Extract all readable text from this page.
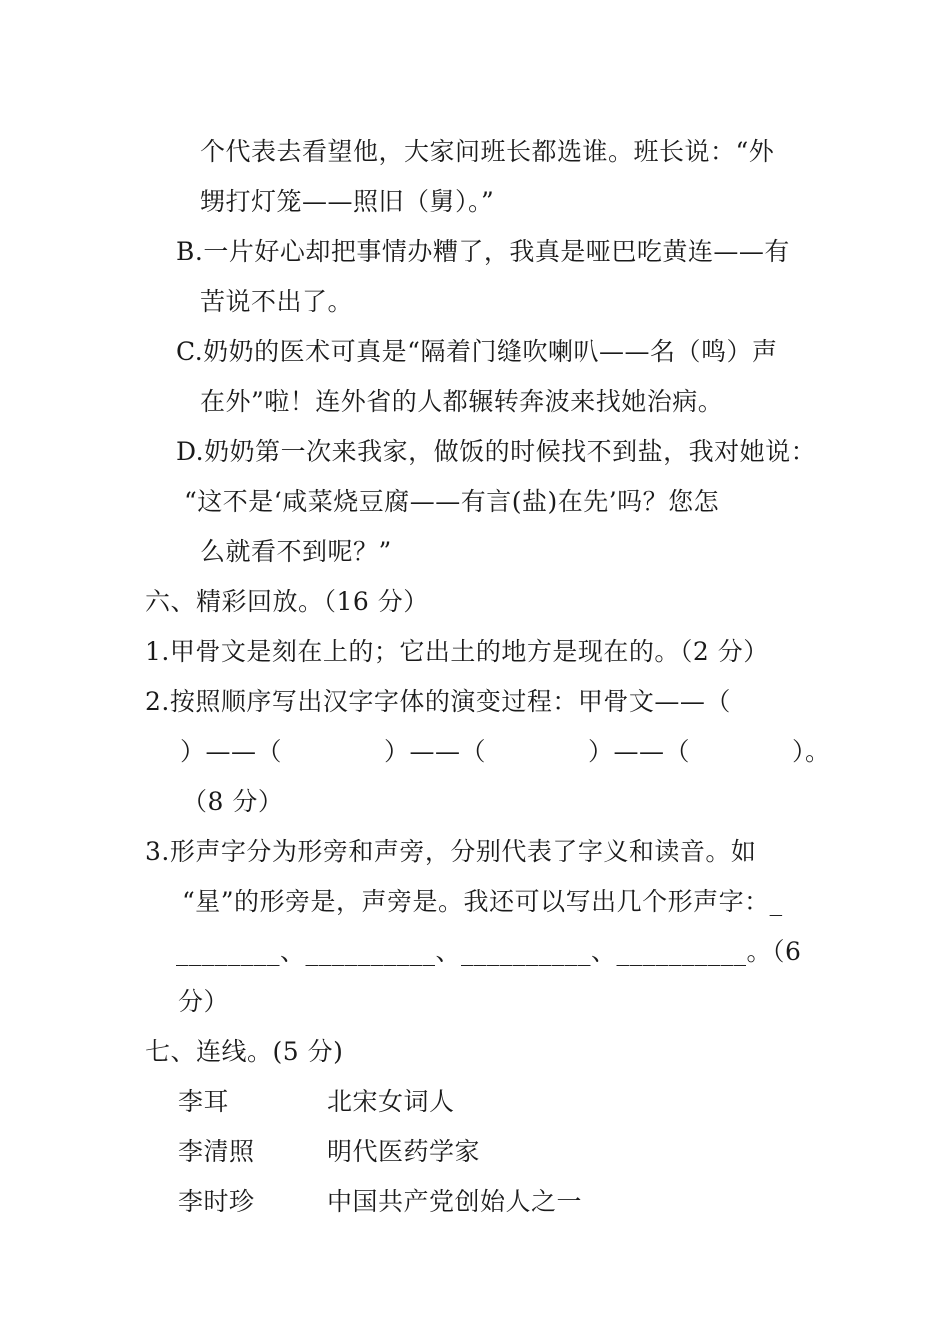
个代表去看望他，大家问班长都选谁。班长说：“外
甥打灯笼——照旧（舅）。”
B.一片好心却把事情办糟了，我真是哑巴吃黄连——有
苦说不出了。
C.奶奶的医术可真是“隔着门缝吹喇叭——名（鸣）声
在外”啦！连外省的人都辗转奔波来找她治病。
D.奶奶第一次来我家，做饭的时候找不到盐，我对她说：
“这不是‘咸菜烧豆腐——有言(盐)在先’吗？您怎
么就看不到呢？”
六、精彩回放。（16 分）
1.甲骨文是刻在上的；它出土的地方是现在的。（2 分）
2.按照顺序写出汉字字体的演变过程：甲骨文——（
）——（　　　　）——（　　　　）——（　　　　）。
（8 分）
3.形声字分为形旁和声旁，分别代表了字义和读音。如
“星”的形旁是，声旁是。我还可以写出几个形声字：_
________、__________、__________、__________。（6
分）
七、连线。(5 分)
李耳
李清照
李时珍
北宋女词人
明代医药学家
中国共产党创始人之一
